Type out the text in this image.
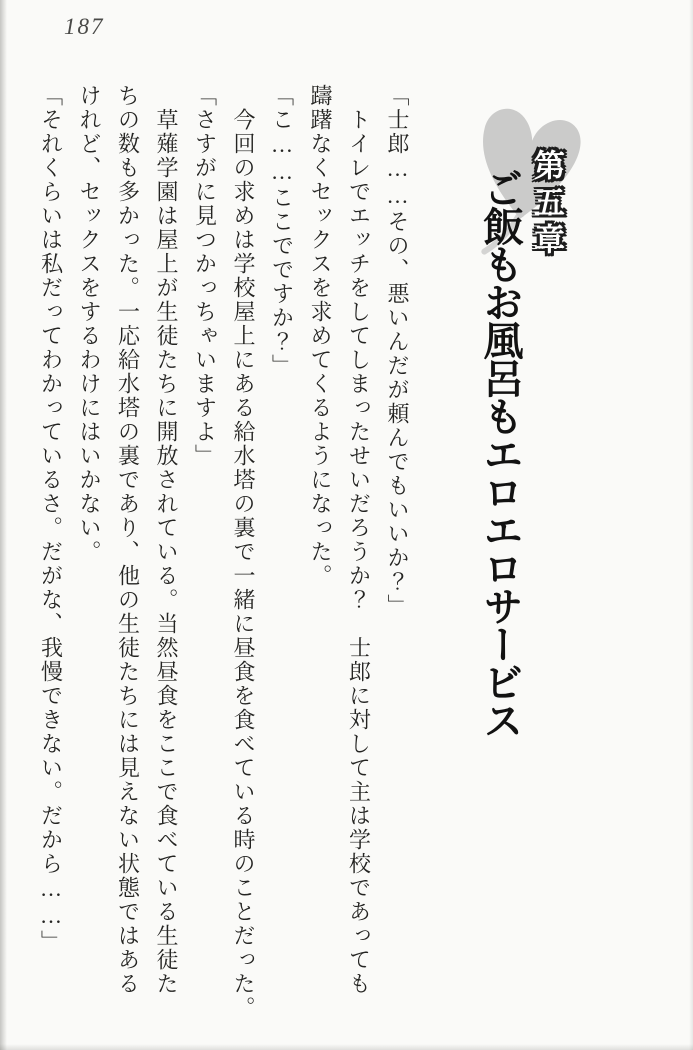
187
第五章
ご飯もお風呂もエロエロサービス

「士郎……その、悪いんだが頼んでもいいか？」

トイレでエッチをしてしまったせいだろうか？　士郎に対して主は学校であっても

躊躇なくセックスを求めてくるようになった。

「こ……ここでですか？」

今回の求めは学校屋上にある給水塔の裏で一緒に昼食を食べている時のことだった。

「さすがに見つかっちゃいますよ」

草薙学園は屋上が生徒たちに開放されている。当然昼食をここで食べている生徒た

ちの数も多かった。一応給水塔の裏であり、他の生徒たちには見えない状態ではある

けれど、セックスをするわけにはいかない。

「それくらいは私だってわかっているさ。だがな、我慢できない。だから……」
